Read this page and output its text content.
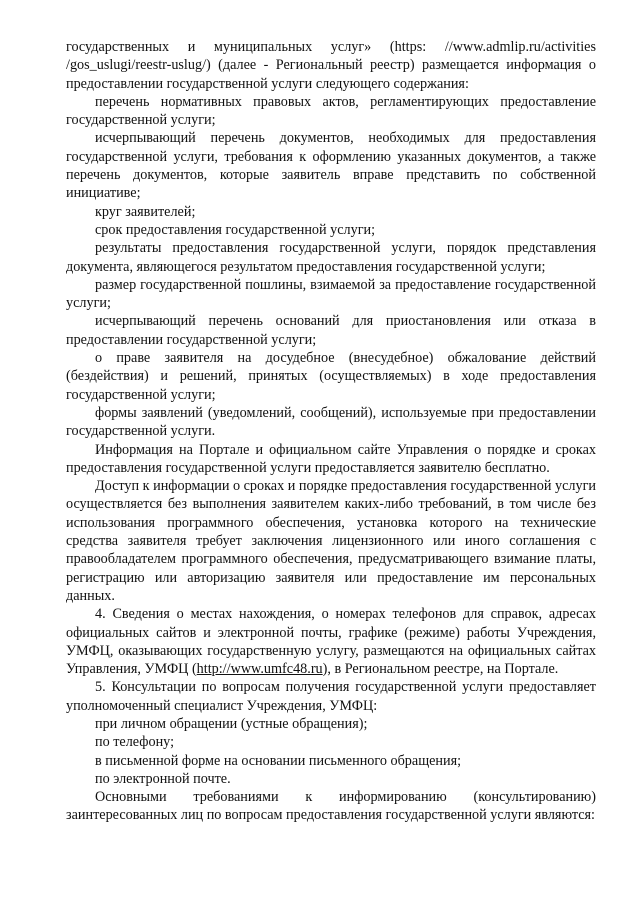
государственных и муниципальных услуг» (https: //www.admlip.ru/activities /gos_uslugi/reestr-uslug/) (далее - Региональный реестр) размещается информация о предоставлении государственной услуги следующего содержания:

перечень нормативных правовых актов, регламентирующих предоставление государственной услуги;

исчерпывающий перечень документов, необходимых для предоставления государственной услуги, требования к оформлению указанных документов, а также перечень документов, которые заявитель вправе представить по собственной инициативе;

круг заявителей;

срок предоставления государственной услуги;

результаты предоставления государственной услуги, порядок представления документа, являющегося результатом предоставления государственной услуги;

размер государственной пошлины, взимаемой за предоставление государственной услуги;

исчерпывающий перечень оснований для приостановления или отказа в предоставлении государственной услуги;

о праве заявителя на досудебное (внесудебное) обжалование действий (бездействия) и решений, принятых (осуществляемых) в ходе предоставления государственной услуги;

формы заявлений (уведомлений, сообщений), используемые при предоставлении государственной услуги.

Информация на Портале и официальном сайте Управления о порядке и сроках предоставления государственной услуги предоставляется заявителю бесплатно.

Доступ к информации о сроках и порядке предоставления государственной услуги осуществляется без выполнения заявителем каких-либо требований, в том числе без использования программного обеспечения, установка которого на технические средства заявителя требует заключения лицензионного или иного соглашения с правообладателем программного обеспечения, предусматривающего взимание платы, регистрацию или авторизацию заявителя или предоставление им персональных данных.

4. Сведения о местах нахождения, о номерах телефонов для справок, адресах официальных сайтов и электронной почты, графике (режиме) работы Учреждения, УМФЦ, оказывающих государственную услугу, размещаются на официальных сайтах Управления, УМФЦ (http://www.umfc48.ru), в Региональном реестре, на Портале.

5. Консультации по вопросам получения государственной услуги предоставляет уполномоченный специалист Учреждения, УМФЦ:

при личном обращении (устные обращения);

по телефону;

в письменной форме на основании письменного обращения;

по электронной почте.

Основными требованиями к информированию (консультированию) заинтересованных лиц по вопросам предоставления государственной услуги являются:
